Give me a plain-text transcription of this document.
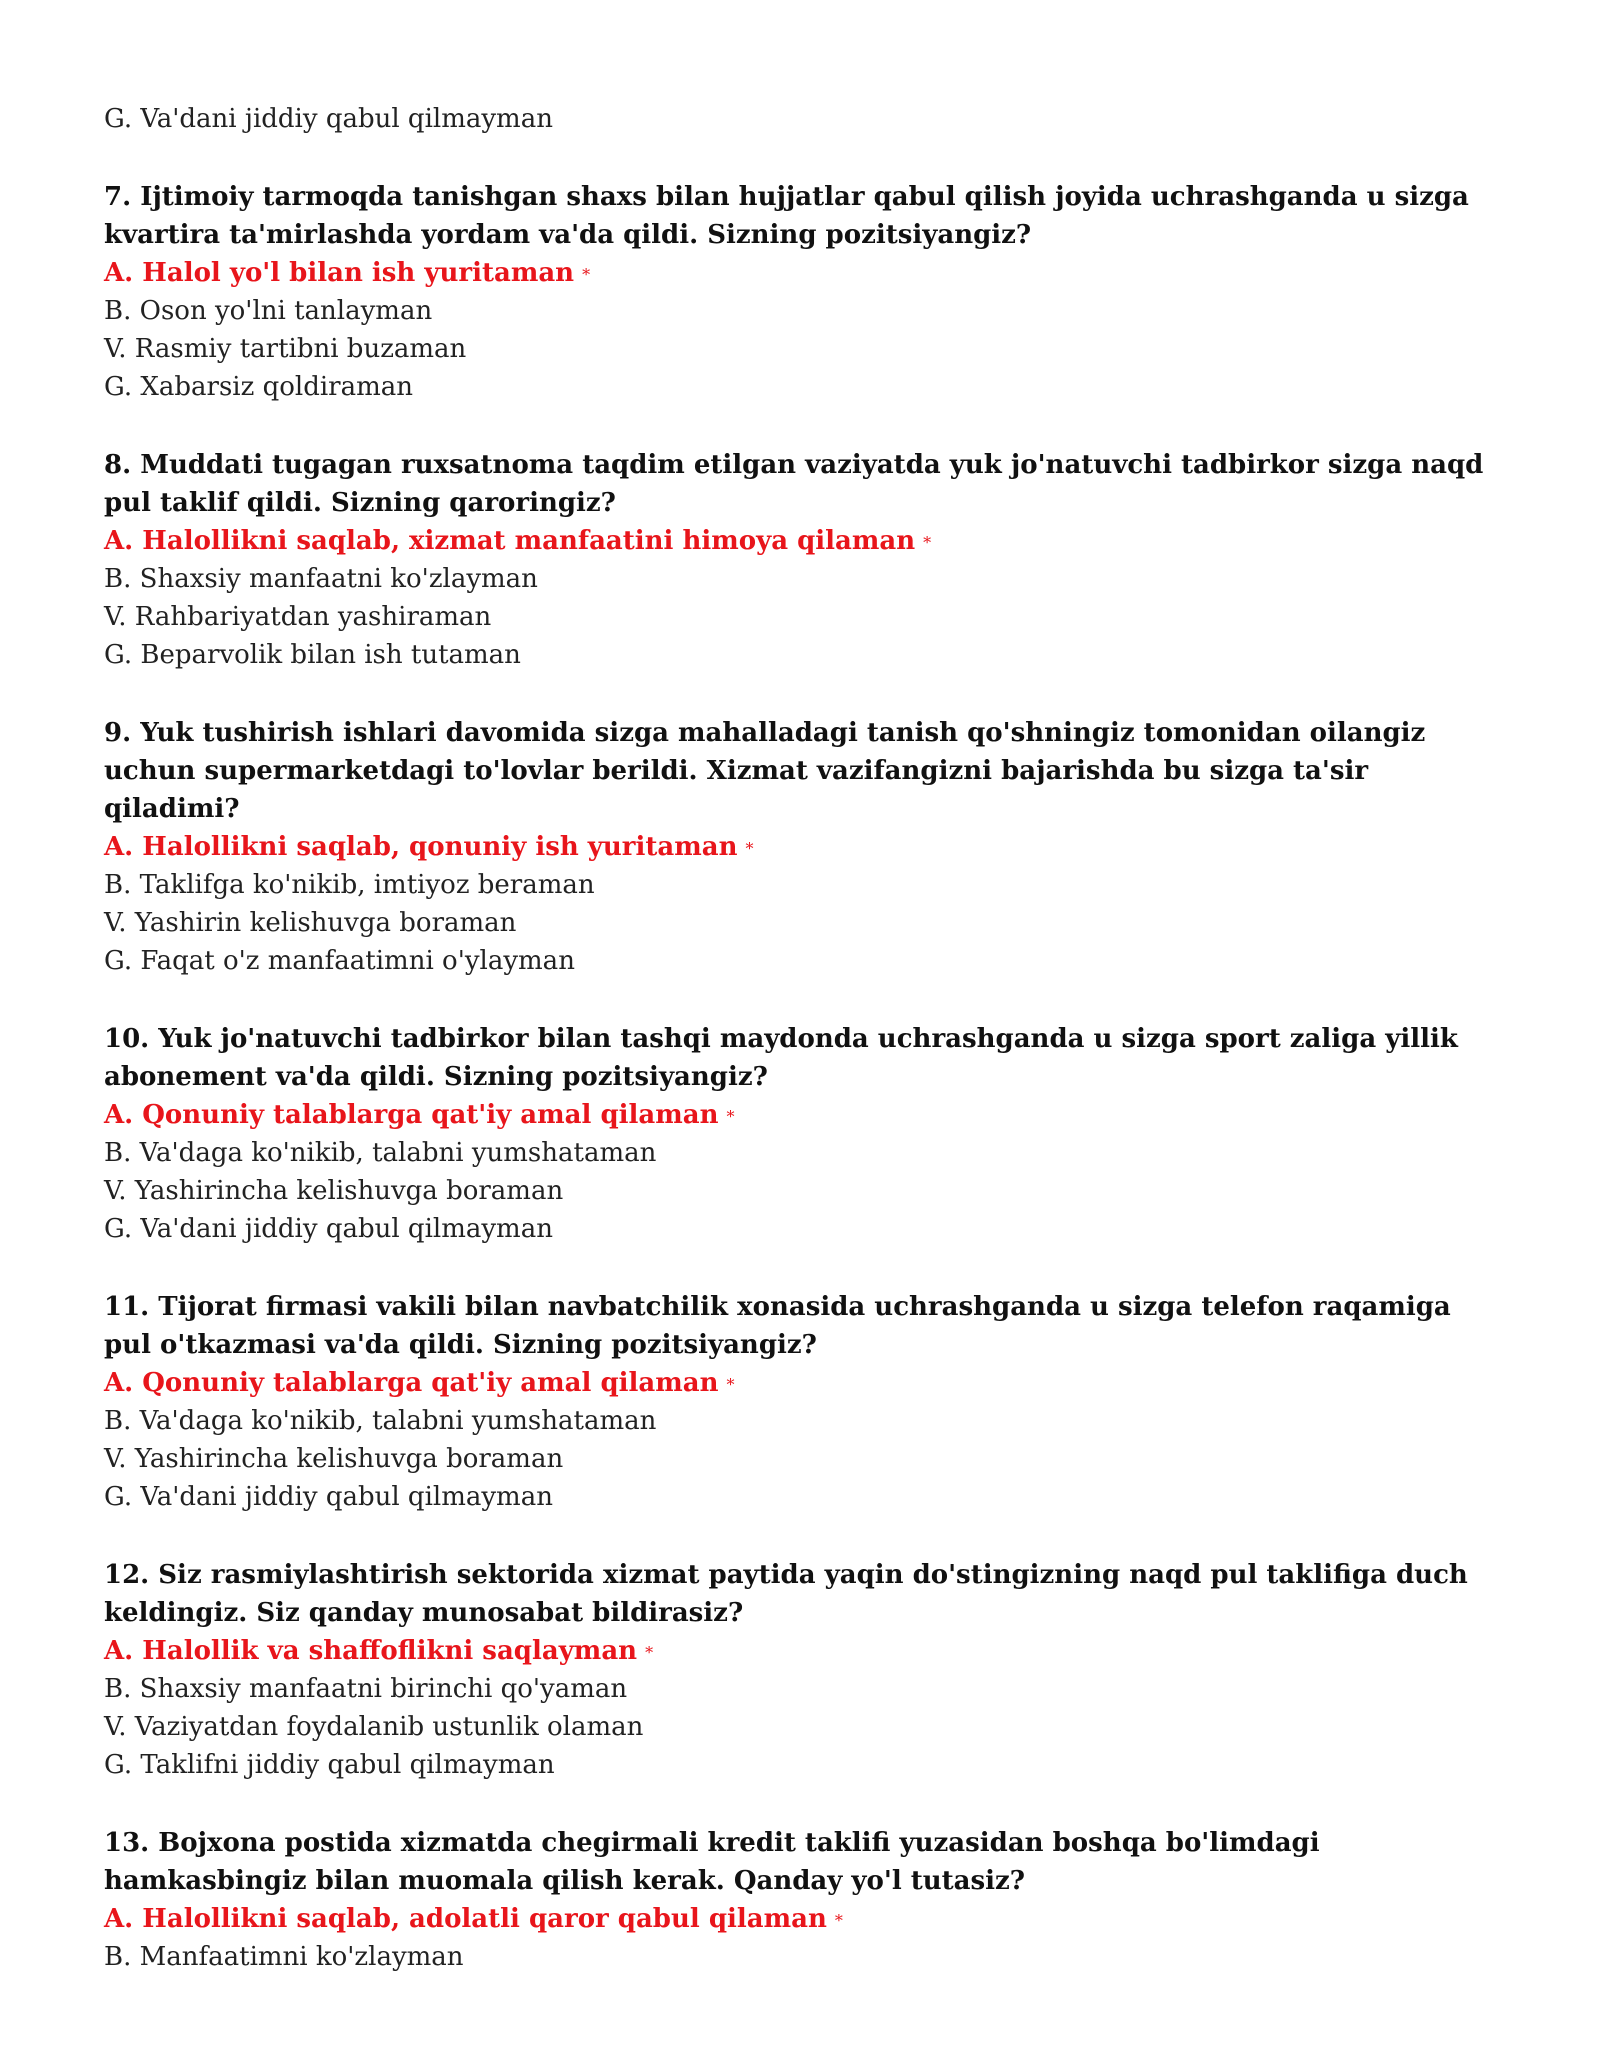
G. Va'dani jiddiy qabul qilmayman
7. Ijtimoiy tarmoqda tanishgan shaxs bilan hujjatlar qabul qilish joyida uchrashganda u sizga kvartira ta'mirlashda yordam va'da qildi. Sizning pozitsiyangiz?
A. Halol yo'l bilan ish yuritaman *
B. Oson yo'lni tanlayman
V. Rasmiy tartibni buzaman
G. Xabarsiz qoldiraman
8. Muddati tugagan ruxsatnoma taqdim etilgan vaziyatda yuk jo'natuvchi tadbirkor sizga naqd pul taklif qildi. Sizning qaroringiz?
A. Halollikni saqlab, xizmat manfaatini himoya qilaman *
B. Shaxsiy manfaatni ko'zlayman
V. Rahbariyatdan yashiraman
G. Beparvolik bilan ish tutaman
9. Yuk tushirish ishlari davomida sizga mahalladagi tanish qo'shningiz tomonidan oilangiz uchun supermarketdagi to'lovlar berildi. Xizmat vazifangizni bajarishda bu sizga ta'sir qiladimi?
A. Halollikni saqlab, qonuniy ish yuritaman *
B. Taklifga ko'nikib, imtiyoz beraman
V. Yashirin kelishuvga boraman
G. Faqat o'z manfaatimni o'ylayman
10. Yuk jo'natuvchi tadbirkor bilan tashqi maydonda uchrashganda u sizga sport zaliga yillik abonement va'da qildi. Sizning pozitsiyangiz?
A. Qonuniy talablarga qat'iy amal qilaman *
B. Va'daga ko'nikib, talabni yumshataman
V. Yashirincha kelishuvga boraman
G. Va'dani jiddiy qabul qilmayman
11. Tijorat firmasi vakili bilan navbatchilik xonasida uchrashganda u sizga telefon raqamiga pul o'tkazmasi va'da qildi. Sizning pozitsiyangiz?
A. Qonuniy talablarga qat'iy amal qilaman *
B. Va'daga ko'nikib, talabni yumshataman
V. Yashirincha kelishuvga boraman
G. Va'dani jiddiy qabul qilmayman
12. Siz rasmiylashtirish sektorida xizmat paytida yaqin do'stingizning naqd pul taklifiga duch keldingiz. Siz qanday munosabat bildirasiz?
A. Halollik va shaffoflikni saqlayman *
B. Shaxsiy manfaatni birinchi qo'yaman
V. Vaziyatdan foydalanib ustunlik olaman
G. Taklifni jiddiy qabul qilmayman
13. Bojxona postida xizmatda chegirmali kredit taklifi yuzasidan boshqa bo'limdagi hamkasbingiz bilan muomala qilish kerak. Qanday yo'l tutasiz?
A. Halollikni saqlab, adolatli qaror qabul qilaman *
B. Manfaatimni ko'zlayman
